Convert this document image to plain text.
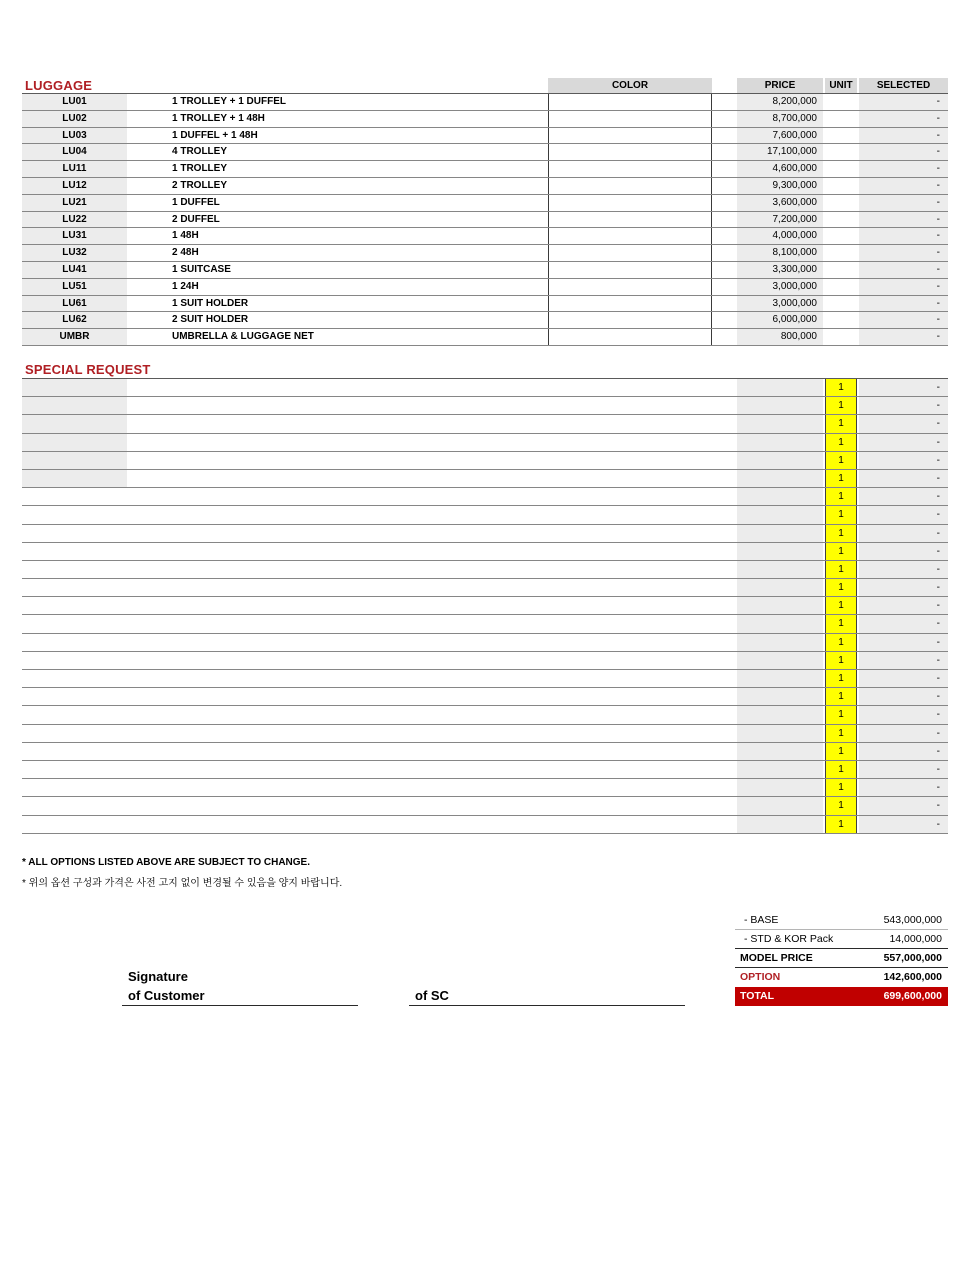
LUGGAGE	COLOR	PRICE	UNIT	SELECTED
LU01	1 TROLLEY + 1 DUFFEL	8,200,000	-
LU02	1 TROLLEY + 1 48H	8,700,000	-
LU03	1 DUFFEL + 1 48H	7,600,000	-
LU04	4 TROLLEY	17,100,000	-
LU11	1 TROLLEY	4,600,000	-
LU12	2 TROLLEY	9,300,000	-
LU21	1 DUFFEL	3,600,000	-
LU22	2 DUFFEL	7,200,000	-
LU31	1 48H	4,000,000	-
LU32	2 48H	8,100,000	-
LU41	1 SUITCASE	3,300,000	-
LU51	1 24H	3,000,000	-
LU61	1 SUIT HOLDER	3,000,000	-
LU62	2 SUIT HOLDER	6,000,000	-
UMBR	UMBRELLA & LUGGAGE NET	800,000	-
SPECIAL REQUEST
1	-
1	-
1	-
1	-
1	-
1	-
1	-
1	-
1	-
1	-
1	-
1	-
1	-
1	-
1	-
1	-
1	-
1	-
1	-
1	-
1	-
1	-
1	-
1	-
1	-
* ALL OPTIONS LISTED ABOVE ARE SUBJECT TO CHANGE.
* 위의 옵션 구성과 가격은 사전 고지 없이 변경될 수 있음을 양지 바랍니다.
- BASE	543,000,000
- STD & KOR Pack	14,000,000
MODEL PRICE	557,000,000
OPTION	142,600,000
TOTAL	699,600,000
Signature
of Customer	of SC
